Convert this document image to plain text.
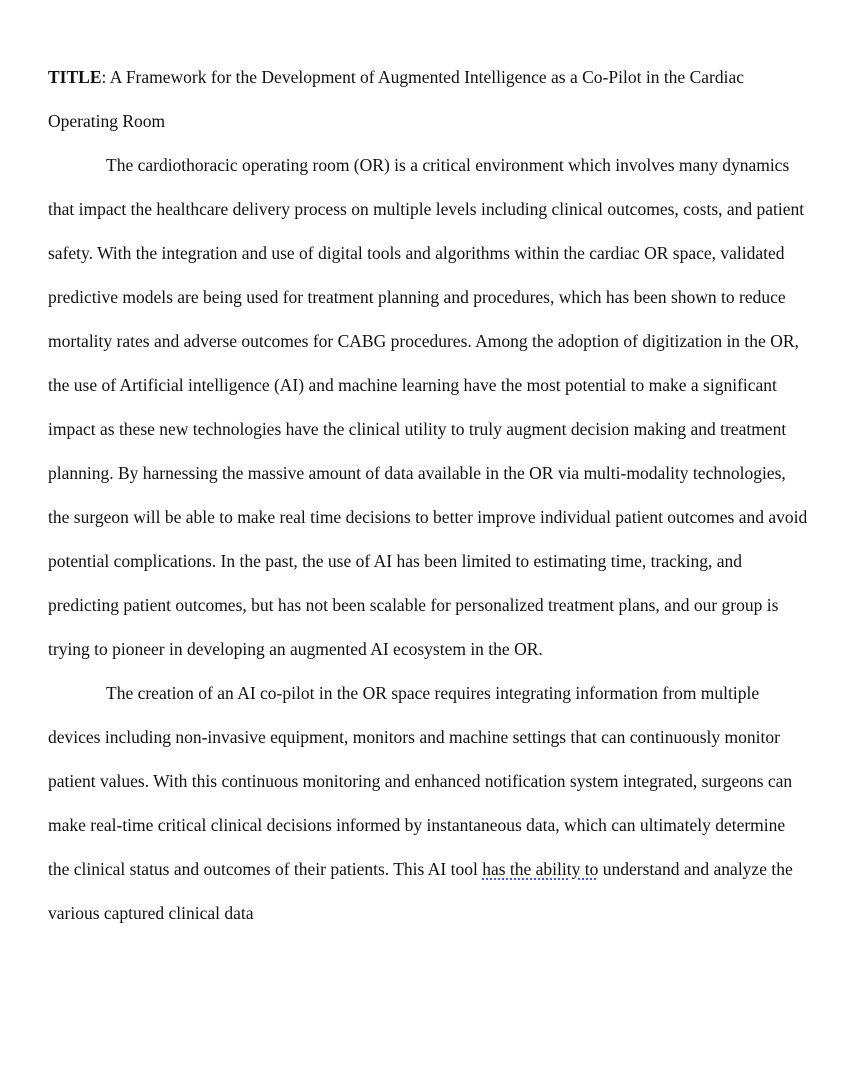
TITLE: A Framework for the Development of Augmented Intelligence as a Co-Pilot in the Cardiac Operating Room

The cardiothoracic operating room (OR) is a critical environment which involves many dynamics that impact the healthcare delivery process on multiple levels including clinical outcomes, costs, and patient safety. With the integration and use of digital tools and algorithms within the cardiac OR space, validated predictive models are being used for treatment planning and procedures, which has been shown to reduce mortality rates and adverse outcomes for CABG procedures. Among the adoption of digitization in the OR, the use of Artificial intelligence (AI) and machine learning have the most potential to make a significant impact as these new technologies have the clinical utility to truly augment decision making and treatment planning. By harnessing the massive amount of data available in the OR via multi-modality technologies, the surgeon will be able to make real time decisions to better improve individual patient outcomes and avoid potential complications. In the past, the use of AI has been limited to estimating time, tracking, and predicting patient outcomes, but has not been scalable for personalized treatment plans, and our group is trying to pioneer in developing an augmented AI ecosystem in the OR.

The creation of an AI co-pilot in the OR space requires integrating information from multiple devices including non-invasive equipment, monitors and machine settings that can continuously monitor patient values. With this continuous monitoring and enhanced notification system integrated, surgeons can make real-time critical clinical decisions informed by instantaneous data, which can ultimately determine the clinical status and outcomes of their patients. This AI tool has the ability to understand and analyze the various captured clinical data
